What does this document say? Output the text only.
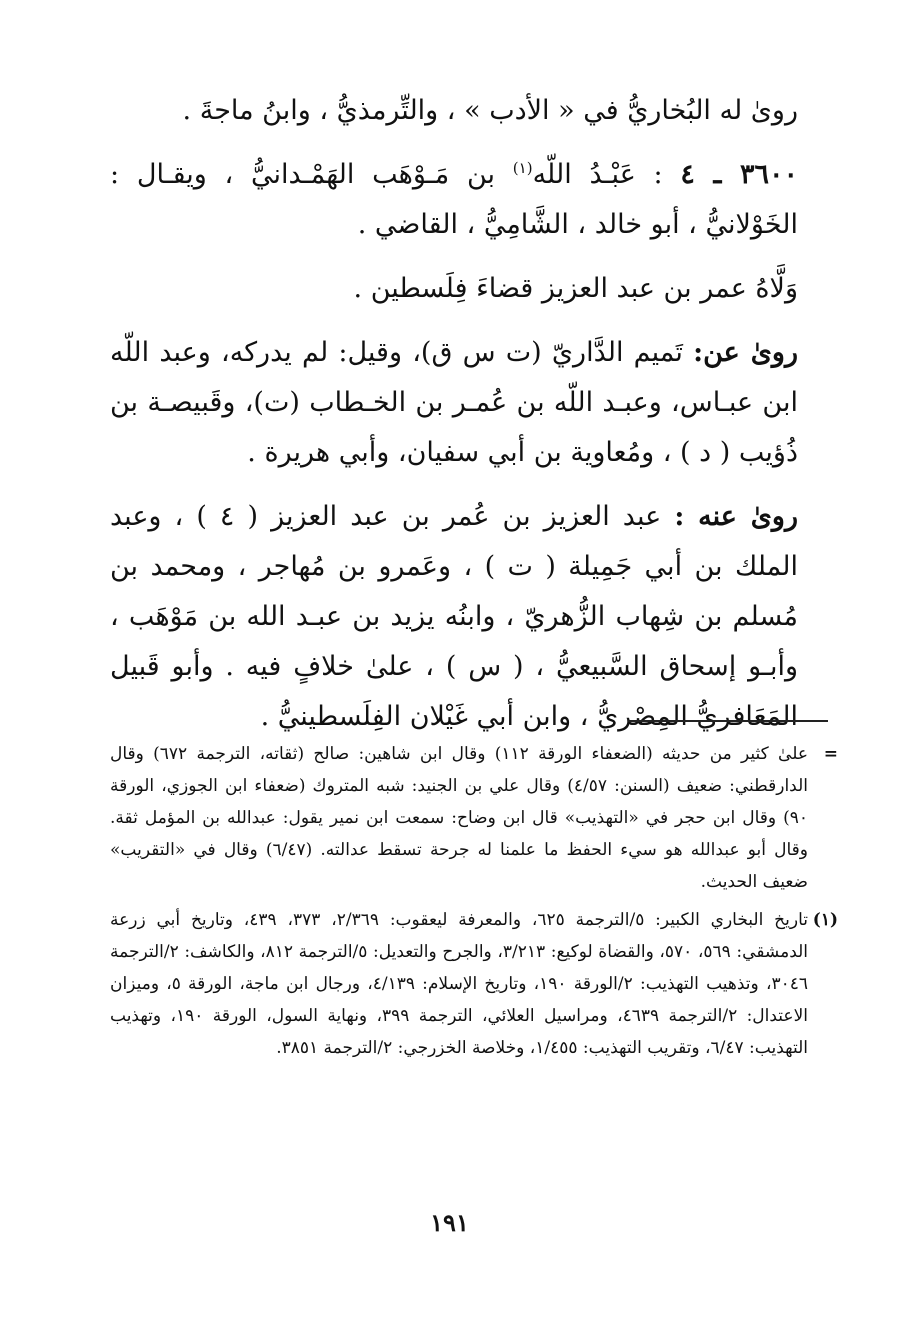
رویٰ له البُخاريُّ في « الأدب » ، والتِّرمذيُّ ، وابنُ ماجةَ .

٣٦٠٠ ـ ٤ : عَبْـدُ اللّه$^{(١)}$ بن مَـوْهَب الهَمْـدانيُّ ، ويقـال : الخَوْلانيُّ ، أبو خالد ، الشَّامِيُّ ، القاضي .

وَلَّاهُ عمر بن عبد العزيز قضاءَ فِلَسطين .

رویٰ عن: تَميم الدَّاريّ (ت س ق)، وقيل: لم يدركه، وعبد اللّه ابن عبـاس، وعبـد اللّه بن عُمـر بن الخـطاب (ت)، وقَبيصـة بن ذُؤيب ( د ) ، ومُعاوية بن أبي سفيان، وأبي هريرة .

رویٰ عنه : عبد العزيز بن عُمر بن عبد العزيز ( ٤ ) ، وعبد الملك بن أبي جَمِيلة ( ت ) ، وعَمرو بن مُهاجر ، ومحمد بن مُسلم بن شِهاب الزُّهريّ ، وابنُه يزيد بن عبـد الله بن مَوْهَب ، وأبـو إسحاق السَّبيعيُّ ، ( س ) ، علیٰ خلافٍ فيه . وأبو قَبيل المَعَافريُّ المِصْريُّ ، وابن أبي غَيْلان الفِلَسطينيُّ .

=
علیٰ كثير من حديثه (الضعفاء الورقة ١١٢) وقال ابن شاهين: صالح (ثقاته، الترجمة ٦٧٢) وقال الدارقطني: ضعيف (السنن: ٤/٥٧) وقال علي بن الجنيد: شبه المتروك (ضعفاء ابن الجوزي، الورقة ٩٠) وقال ابن حجر في «التهذيب» قال ابن وضاح: سمعت ابن نمير يقول: عبدالله بن المؤمل ثقة. وقال أبو عبدالله هو سيء الحفظ ما علمنا له جرحة تسقط عدالته. (٦/٤٧) وقال في «التقريب» ضعيف الحديث.

(١)
تاريخ البخاري الكبير: ٥/الترجمة ٦٢٥، والمعرفة ليعقوب: ٢/٣٦٩، ٣٧٣، ٤٣٩، وتاريخ أبي زرعة الدمشقي: ٥٦٩، ٥٧٠، والقضاة لوكيع: ٣/٢١٣، والجرح والتعديل: ٥/الترجمة ٨١٢، والكاشف: ٢/الترجمة ٣٠٤٦، وتذهيب التهذيب: ٢/الورقة ١٩٠، وتاريخ الإسلام: ٤/١٣٩، ورجال ابن ماجة، الورقة ٥، وميزان الاعتدال: ٢/الترجمة ٤٦٣٩، ومراسيل العلائي، الترجمة ٣٩٩، ونهاية السول، الورقة ١٩٠، وتهذيب التهذيب: ٦/٤٧، وتقريب التهذيب: ١/٤٥٥، وخلاصة الخزرجي: ٢/الترجمة ٣٨٥١.

١٩١
